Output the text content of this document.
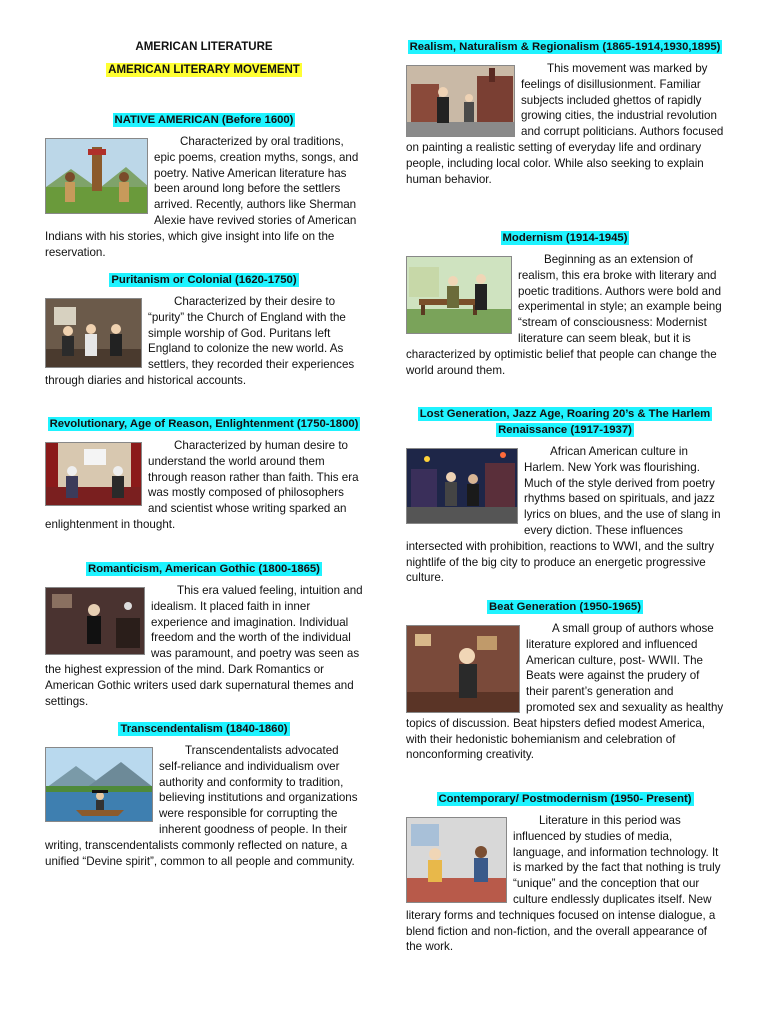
AMERICAN LITERATURE
AMERICAN LITERARY MOVEMENT
NATIVE AMERICAN (Before 1600)

Characterized by oral traditions, epic poems, creation myths, songs, and poetry. Native American literature has been around long before the settlers arrived. Recently, authors like Sherman Alexie have revived stories of American Indians with his stories, which give insight into life on the reservation.

Puritanism or Colonial (1620-1750)

Characterized by their desire to “purity” the Church of England with the simple worship of God. Puritans left England to colonize the new world. As settlers, they recorded their experiences through diaries and historical accounts.

Revolutionary, Age of Reason, Enlightenment (1750-1800)

Characterized by human desire to understand the world around them through reason rather than faith. This era was mostly composed of philosophers and scientist whose writing sparked an enlightenment in thought.

Romanticism, American Gothic (1800-1865)

This era valued feeling, intuition and idealism. It placed faith in inner experience and imagination. Individual freedom and the worth of the individual was paramount, and poetry was seen as the highest expression of the mind. Dark Romantics or American Gothic writers used dark supernatural themes and settings.

Transcendentalism (1840-1860)

Transcendentalists advocated self-reliance and individualism over authority and conformity to tradition, believing institutions and organizations were responsible for corrupting the inherent goodness of people. In their writing, transcendentalists commonly reflected on nature, a unified “Devine spirit”, common to all people and community.

Realism, Naturalism & Regionalism (1865-1914,1930,1895)

This movement was marked by feelings of disillusionment. Familiar subjects included ghettos of rapidly growing cities, the industrial revolution and corrupt politicians. Authors focused on painting a realistic setting of everyday life and ordinary people, including local color. While also seeking to explain human behavior.

Modernism (1914-1945)

Beginning as an extension of realism, this era broke with literary and poetic traditions. Authors were bold and experimental in style; an example being “stream of consciousness: Modernist literature can seem bleak, but it is characterized by optimistic belief that people can change the world around them.

Lost Generation, Jazz Age, Roaring 20’s & The Harlem Renaissance (1917-1937)

African American culture in Harlem. New York was flourishing. Much of the style derived from poetry rhythms based on spirituals, and jazz lyrics on blues, and the use of slang in every diction. These influences intersected with prohibition, reactions to WWI, and the sultry nightlife of the big city to produce an energetic progressive culture.

Beat Generation (1950-1965)

A small group of authors whose literature explored and influenced American culture, post- WWII. The Beats were against the prudery of their parent’s generation and promoted sex and sexuality as healthy topics of discussion. Beat hipsters defied modest America, with their hedonistic bohemianism and celebration of nonconforming creativity.

Contemporary/ Postmodernism (1950- Present)

Literature in this period was influenced by studies of media, language, and information technology. It is marked by the fact that nothing is truly “unique” and the conception that our culture endlessly duplicates itself. New literary forms and techniques focused on intense dialogue, a blend fiction and non-fiction, and the overall appearance of the work.
